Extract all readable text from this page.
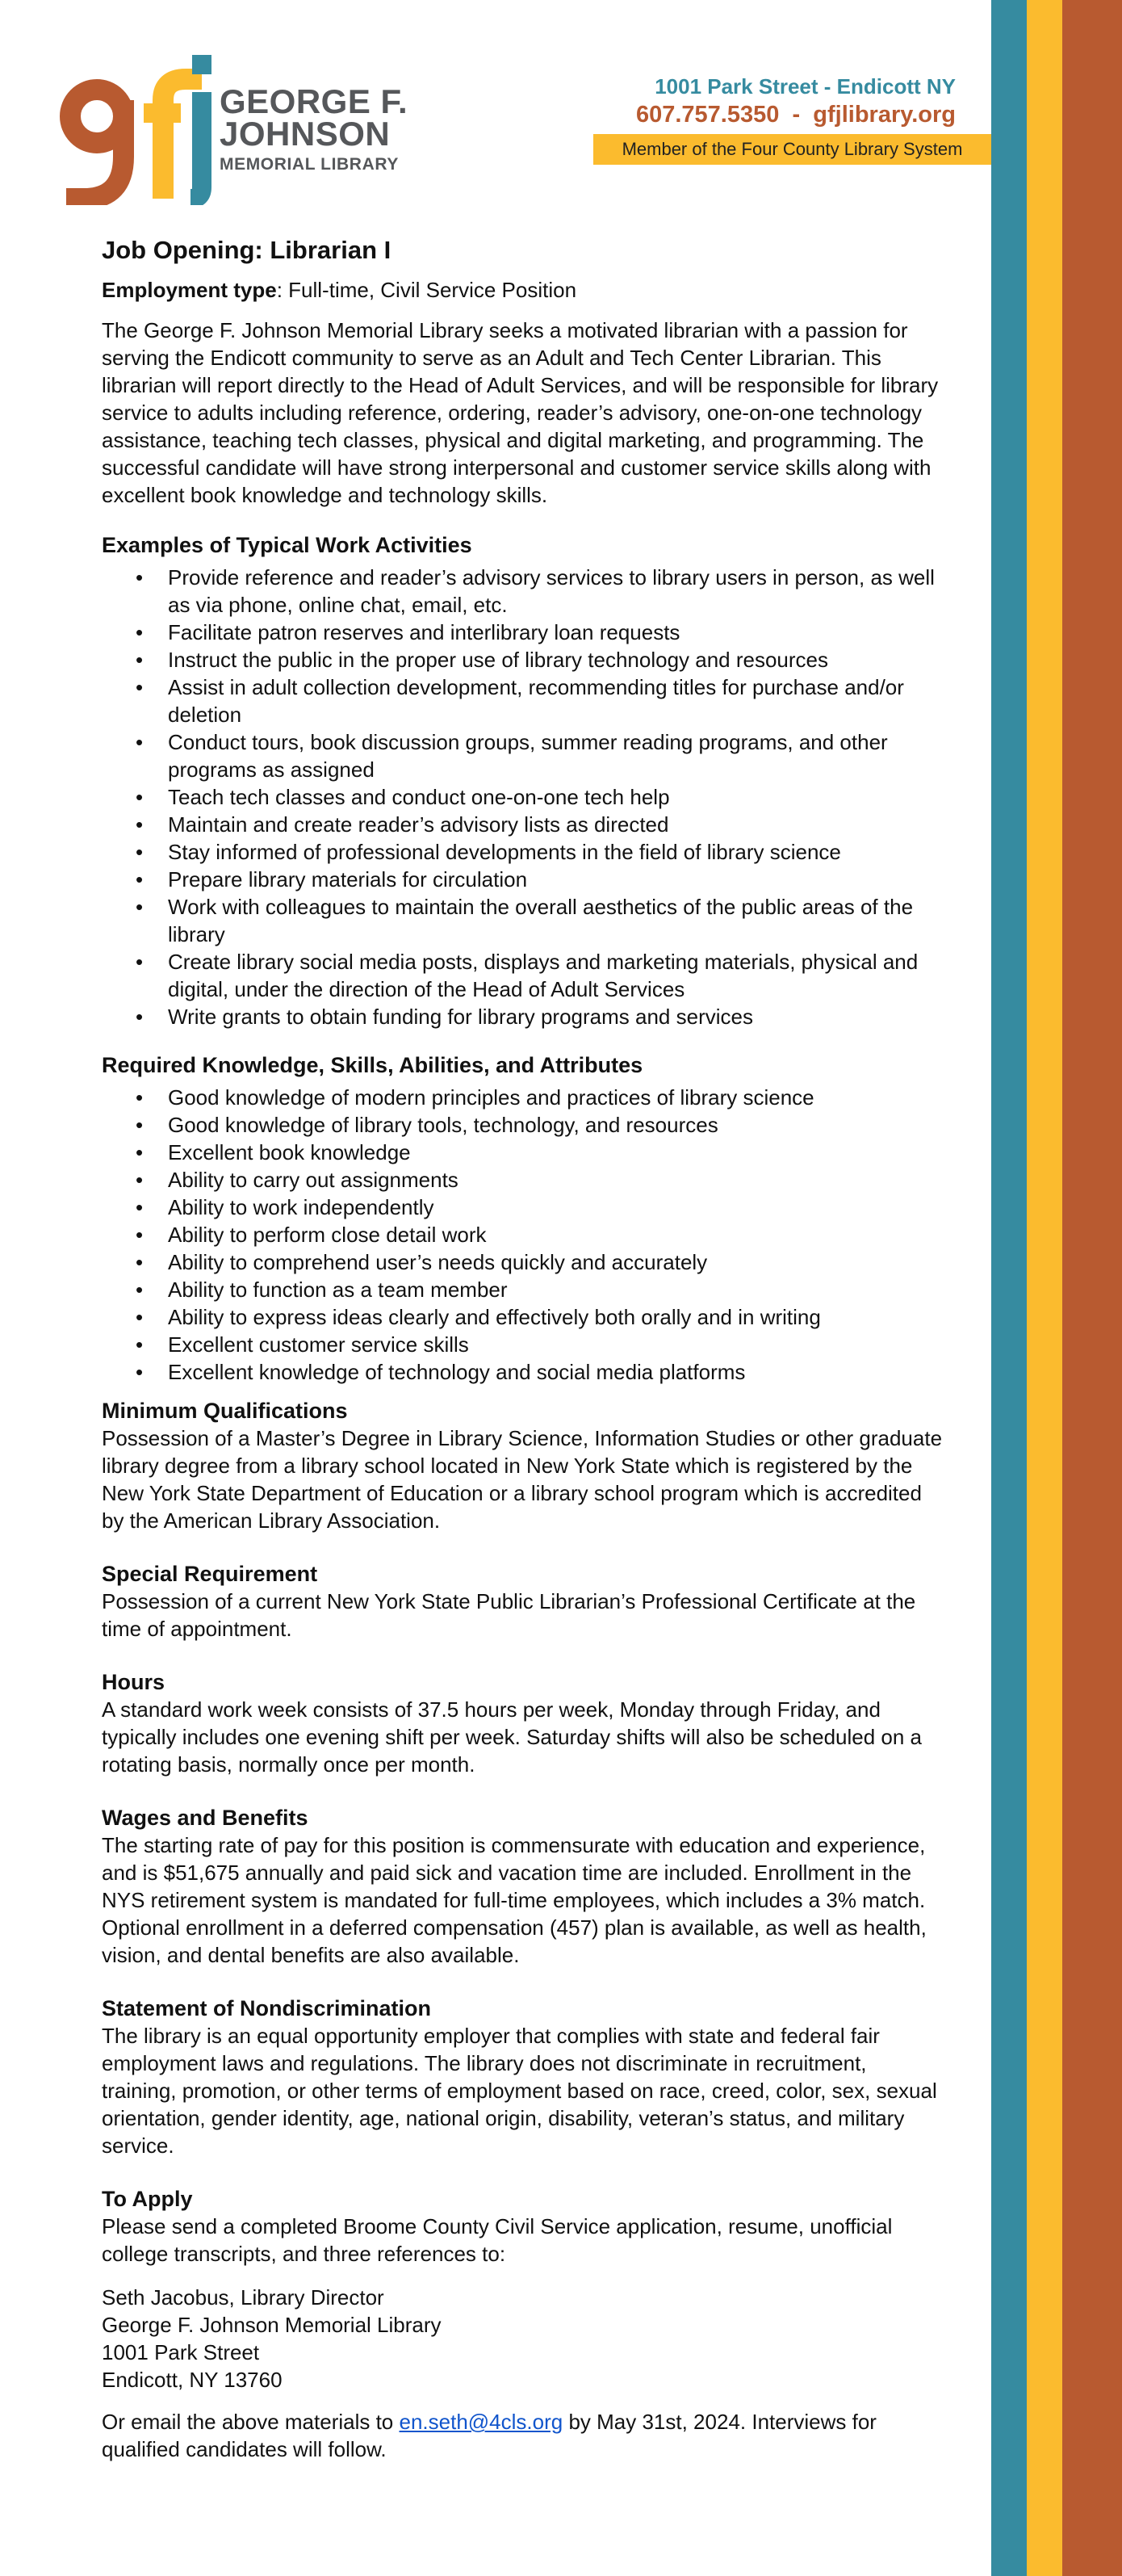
GEORGE F.
JOHNSON
MEMORIAL LIBRARY
1001 Park Street - Endicott NY
607.757.5350 - gfjlibrary.org
Member of the Four County Library System
Job Opening: Librarian I

Employment type: Full-time, Civil Service Position

The George F. Johnson Memorial Library seeks a motivated librarian with a passion for serving the Endicott community to serve as an Adult and Tech Center Librarian. This librarian will report directly to the Head of Adult Services, and will be responsible for library service to adults including reference, ordering, reader’s advisory, one-on-one technology assistance, teaching tech classes, physical and digital marketing, and programming. The successful candidate will have strong interpersonal and customer service skills along with excellent book knowledge and technology skills.

Examples of Typical Work Activities
• Provide reference and reader’s advisory services to library users in person, as well as via phone, online chat, email, etc.
• Facilitate patron reserves and interlibrary loan requests
• Instruct the public in the proper use of library technology and resources
• Assist in adult collection development, recommending titles for purchase and/or deletion
• Conduct tours, book discussion groups, summer reading programs, and other programs as assigned
• Teach tech classes and conduct one-on-one tech help
• Maintain and create reader’s advisory lists as directed
• Stay informed of professional developments in the field of library science
• Prepare library materials for circulation
• Work with colleagues to maintain the overall aesthetics of the public areas of the library
• Create library social media posts, displays and marketing materials, physical and digital, under the direction of the Head of Adult Services
• Write grants to obtain funding for library programs and services
Required Knowledge, Skills, Abilities, and Attributes
• Good knowledge of modern principles and practices of library science
• Good knowledge of library tools, technology, and resources
• Excellent book knowledge
• Ability to carry out assignments
• Ability to work independently
• Ability to perform close detail work
• Ability to comprehend user’s needs quickly and accurately
• Ability to function as a team member
• Ability to express ideas clearly and effectively both orally and in writing
• Excellent customer service skills
• Excellent knowledge of technology and social media platforms
Minimum Qualifications

Possession of a Master’s Degree in Library Science, Information Studies or other graduate library degree from a library school located in New York State which is registered by the New York State Department of Education or a library school program which is accredited by the American Library Association.

Special Requirement

Possession of a current New York State Public Librarian’s Professional Certificate at the time of appointment.

Hours

A standard work week consists of 37.5 hours per week, Monday through Friday, and typically includes one evening shift per week. Saturday shifts will also be scheduled on a rotating basis, normally once per month.

Wages and Benefits

The starting rate of pay for this position is commensurate with education and experience, and is $51,675 annually and paid sick and vacation time are included. Enrollment in the NYS retirement system is mandated for full-time employees, which includes a 3% match. Optional enrollment in a deferred compensation (457) plan is available, as well as health, vision, and dental benefits are also available.

Statement of Nondiscrimination

The library is an equal opportunity employer that complies with state and federal fair employment laws and regulations. The library does not discriminate in recruitment, training, promotion, or other terms of employment based on race, creed, color, sex, sexual orientation, gender identity, age, national origin, disability, veteran’s status, and military service.

To Apply

Please send a completed Broome County Civil Service application, resume, unofficial college transcripts, and three references to:

Seth Jacobus, Library Director
George F. Johnson Memorial Library
1001 Park Street
Endicott, NY 13760

Or email the above materials to en.seth@4cls.org by May 31st, 2024. Interviews for qualified candidates will follow.
